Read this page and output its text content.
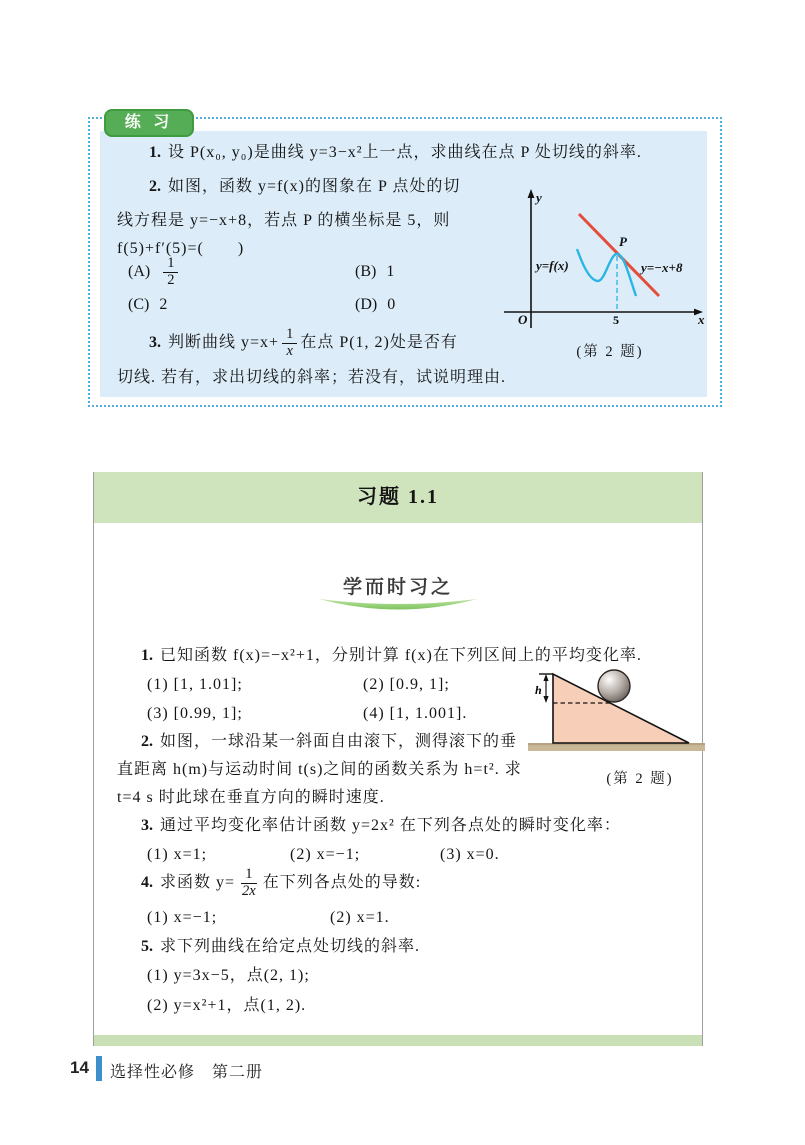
练 习
1. 设 P(x₀, y₀)是曲线 y=3−x²上一点，求曲线在点 P 处切线的斜率.
2. 如图，函数 y=f(x)的图象在 P 点处的切
线方程是 y=−x+8，若点 P 的横坐标是 5，则
f(5)+f′(5)=(　　)
$(A) \frac{1}{2}$	(B) 1
(C) 2	(D) 0
3. 判断曲线 $y=x+ \frac{1}{x}$ 在点 P(1, 2)处是否有
切线. 若有，求出切线的斜率；若没有，试说明理由.
y
x
O
P
y=f(x)	y=−x+8
5
(第 2 题)
习题 1.1
学而时习之
1. 已知函数 f(x)=−x²+1，分别计算 f(x)在下列区间上的平均变化率.
(1) [1, 1.01];	(2) [0.9, 1];
(3) [0.99, 1];	(4) [1, 1.001].
2. 如图，一球沿某一斜面自由滚下，测得滚下的垂
直距离 h(m)与运动时间 t(s)之间的函数关系为 h=t². 求
t=4 s 时此球在垂直方向的瞬时速度.
h
(第 2 题)
3. 通过平均变化率估计函数 y=2x² 在下列各点处的瞬时变化率：
(1) x=1;	(2) x=−1;	(3) x=0.
4. 求函数 $y= \frac{1}{2x}$ 在下列各点处的导数:
(1) x=−1;	(2) x=1.
5. 求下列曲线在给定点处切线的斜率.
(1) y=3x−5，点(2, 1);
(2) y=x²+1，点(1, 2).
14 选择性必修　第二册
